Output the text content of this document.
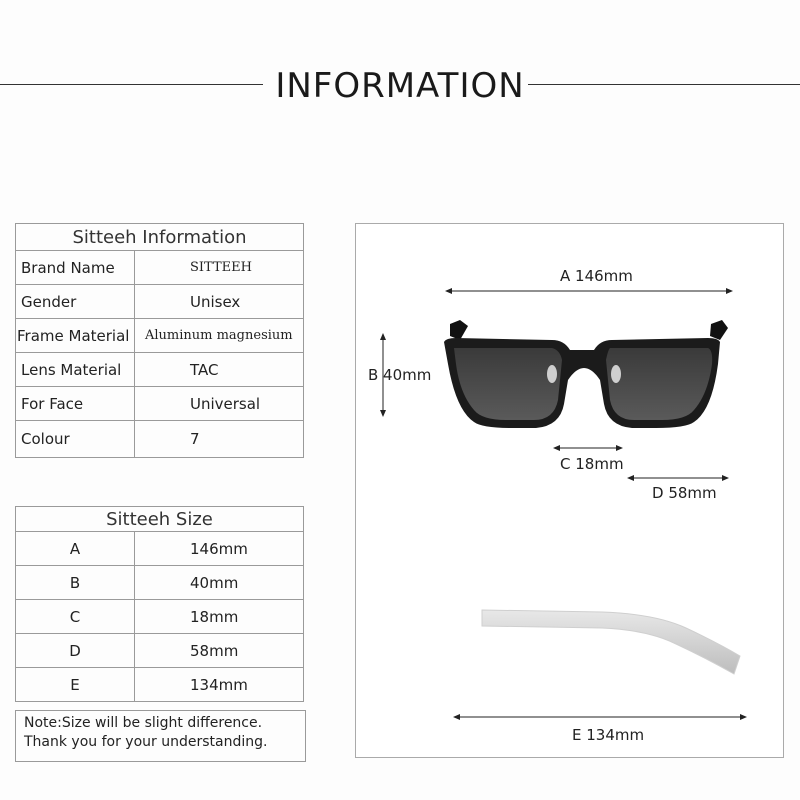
INFORMATION
Sitteeh Information	
Brand Name	SITTEEH
Gender	Unisex
Frame Material	Aluminum magnesium
Lens Material	TAC
For Face	Universal
Colour	7
Sitteeh Size	
A	146mm
B	40mm
C	18mm
D	58mm
E	134mm
Note:Size will be slight difference.
Thank you for your understanding.
A 146mm
B 40mm
C 18mm
D 58mm
E 134mm
